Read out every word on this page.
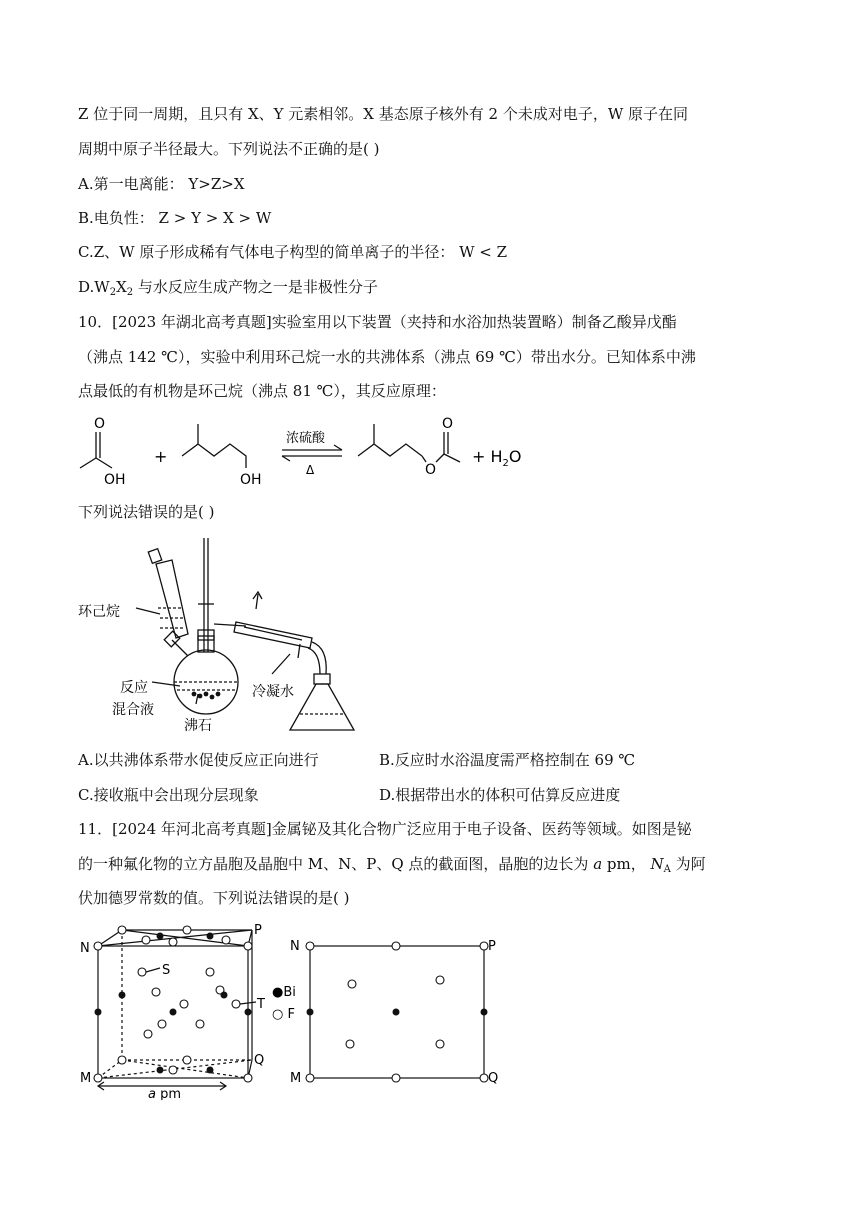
Z 位于同一周期，且只有 X、Y 元素相邻。X 基态原子核外有 2 个未成对电子，W 原子在同
周期中原子半径最大。下列说法不正确的是( )
A.第一电离能： Y>Z>X
B.电负性： Z > Y > X > W
C.Z、W 原子形成稀有气体电子构型的简单离子的半径： W < Z
$D.W_2X_2$ 与水反应生成产物之一是非极性分子
10．[2023 年湖北高考真题]实验室用以下装置（夹持和水浴加热装置略）制备乙酸异戊酯
（沸点 142 ℃），实验中利用环己烷一水的共沸体系（沸点 69 ℃）带出水分。已知体系中沸
点最低的有机物是环己烷（沸点 81 ℃），其反应原理：
O
OH
+
OH
浓硫酸
Δ
O
O
+ $H_2O$
下列说法错误的是( )
环己烷
反应
混合液
沸石
冷凝水
A.以共沸体系带水促使反应正向进行	B.反应时水浴温度需严格控制在 69 ℃
C.接收瓶中会出现分层现象	D.根据带出水的体积可估算反应进度
11．[2024 年河北高考真题]金属铋及其化合物广泛应用于电子设备、医药等领域。如图是铋
的一种氟化物的立方晶胞及晶胞中 M、N、P、Q 点的截面图，晶胞的边长为 a pm， $N_A$ 为阿
伏加德罗常数的值。下列说法错误的是( )
N
P
M
Q
S
T
●Bi
○ F
a pm
N	P
M	Q
